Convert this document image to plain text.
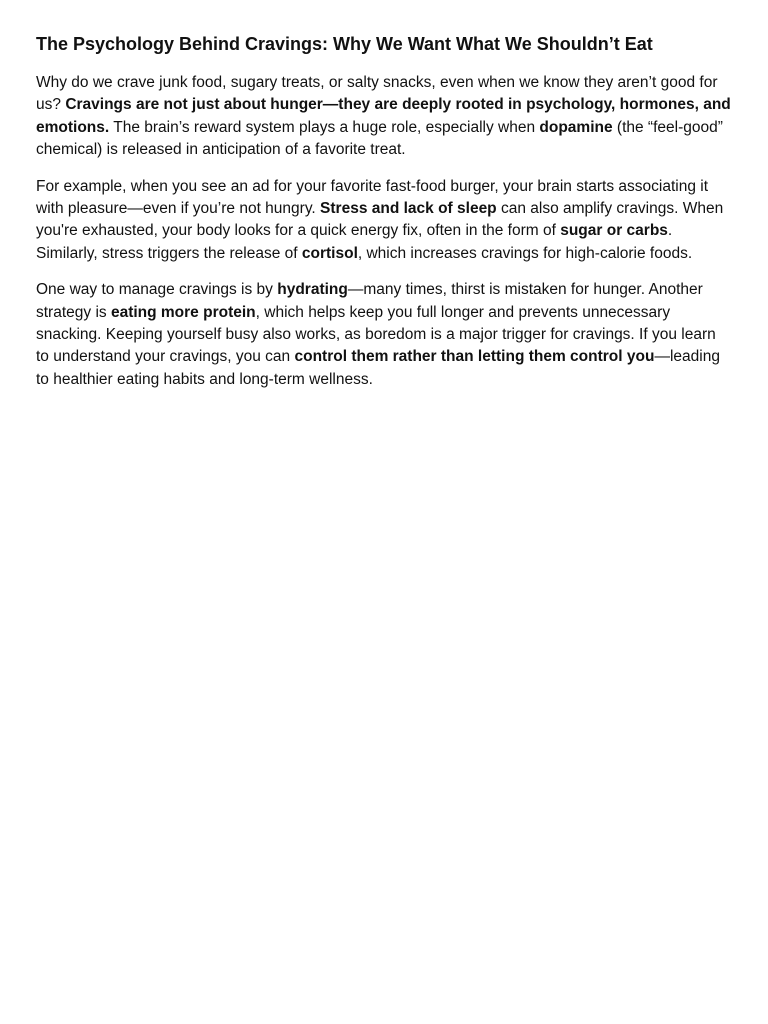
The Psychology Behind Cravings: Why We Want What We Shouldn’t Eat

Why do we crave junk food, sugary treats, or salty snacks, even when we know they aren’t good for us? Cravings are not just about hunger—they are deeply rooted in psychology, hormones, and emotions. The brain’s reward system plays a huge role, especially when dopamine (the “feel-good” chemical) is released in anticipation of a favorite treat.

For example, when you see an ad for your favorite fast-food burger, your brain starts associating it with pleasure—even if you’re not hungry. Stress and lack of sleep can also amplify cravings. When you're exhausted, your body looks for a quick energy fix, often in the form of sugar or carbs. Similarly, stress triggers the release of cortisol, which increases cravings for high-calorie foods.

One way to manage cravings is by hydrating—many times, thirst is mistaken for hunger. Another strategy is eating more protein, which helps keep you full longer and prevents unnecessary snacking. Keeping yourself busy also works, as boredom is a major trigger for cravings. If you learn to understand your cravings, you can control them rather than letting them control you—leading to healthier eating habits and long-term wellness.
